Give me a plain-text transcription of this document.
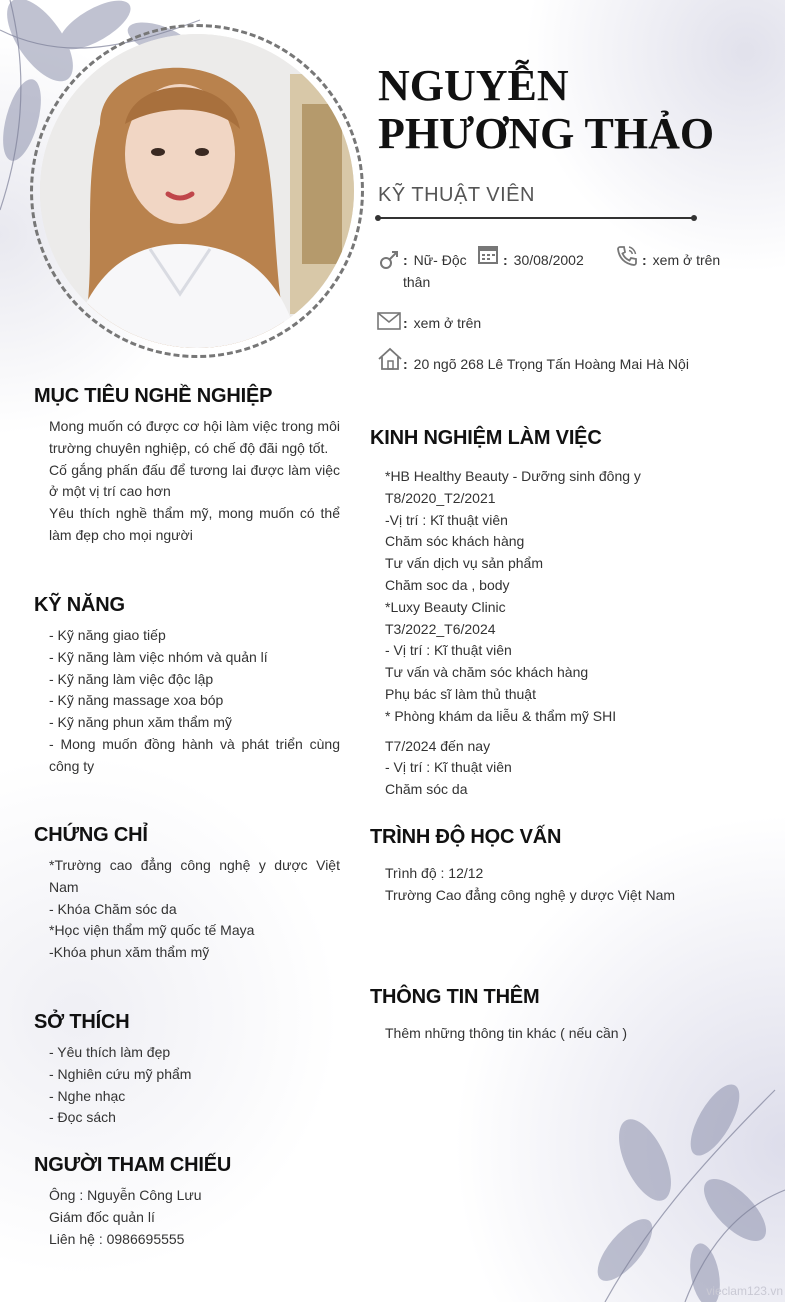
NGUYỄN
PHƯƠNG THẢO
KỸ THUẬT VIÊN
: Nữ- Độc thân
: 30/08/2002	: xem ở trên
: xem ở trên
: 20 ngõ 268 Lê Trọng Tấn Hoàng Mai Hà Nội
MỤC TIÊU NGHỀ NGHIỆP

Mong muốn có được cơ hội làm việc trong môi trường chuyên nghiệp, có chế độ đãi ngộ tốt.

Cố gắng phấn đấu để tương lai được làm việc ở một vị trí cao hơn

Yêu thích nghề thẩm mỹ, mong muốn có thể làm đẹp cho mọi người

KỸ NĂNG

- Kỹ năng giao tiếp

- Kỹ năng làm việc nhóm và quản lí

- Kỹ năng làm việc độc lập

- Kỹ năng massage xoa bóp

- Kỹ năng phun xăm thẩm mỹ

- Mong muốn đồng hành và phát triển cùng công ty

CHỨNG CHỈ

*Trường cao đẳng công nghệ y dược Việt Nam

- Khóa Chăm sóc da

*Học viện thẩm mỹ quốc tế Maya

-Khóa phun xăm thẩm mỹ

SỞ THÍCH

- Yêu thích làm đẹp

- Nghiên cứu mỹ phẩm

- Nghe nhạc

- Đọc sách

NGƯỜI THAM CHIẾU

Ông : Nguyễn Công Lưu

Giám đốc quản lí

Liên hệ : 0986695555

KINH NGHIỆM LÀM VIỆC

*HB Healthy Beauty - Dưỡng sinh đông y

T8/2020_T2/2021

-Vị trí : Kĩ thuật viên

Chăm sóc khách hàng

Tư vấn dịch vụ sản phẩm

Chăm soc da , body

*Luxy Beauty Clinic

T3/2022_T6/2024

- Vị trí : Kĩ thuật viên

Tư vấn và chăm sóc khách hàng

Phụ bác sĩ làm thủ thuật

* Phòng khám da liễu & thẩm mỹ SHI

T7/2024 đến nay

- Vị trí : Kĩ thuật viên

Chăm sóc da

TRÌNH ĐỘ HỌC VẤN

Trình độ : 12/12

Trường Cao đẳng công nghệ y dược Việt Nam

THÔNG TIN THÊM

Thêm những thông tin khác ( nếu cần )

vieclam123.vn
